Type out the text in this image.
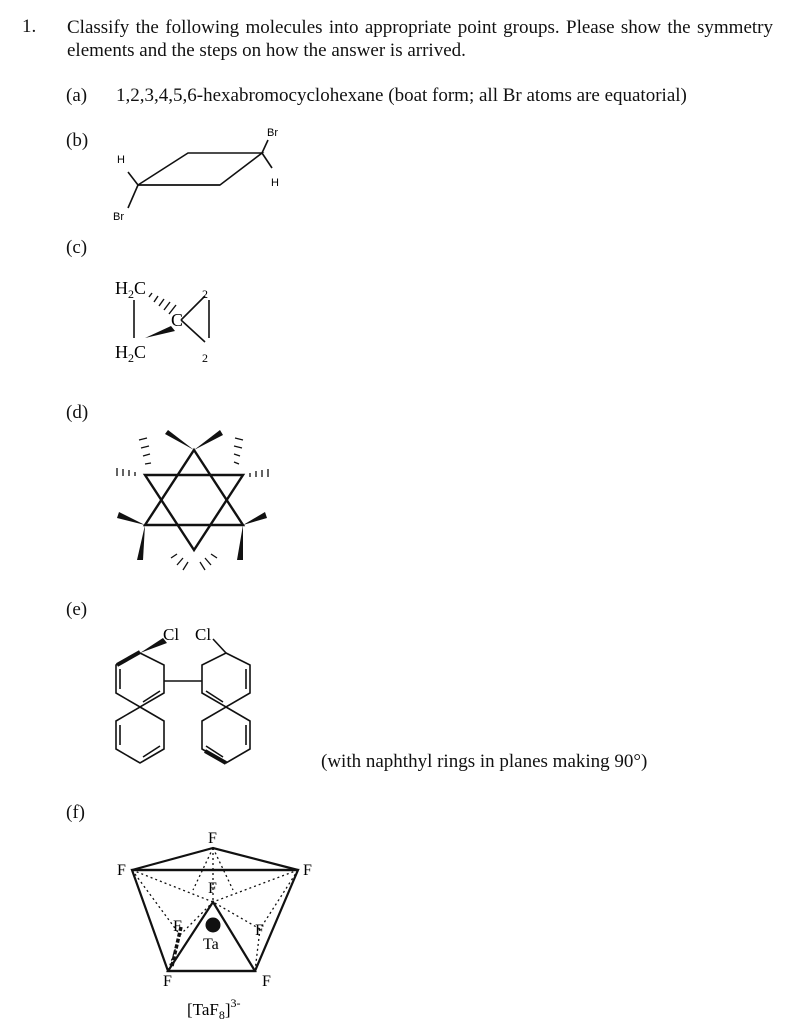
1. Classify the following molecules into appropriate point groups. Please show the symmetry elements and the steps on how the answer is arrived.
(a) 1,2,3,4,5,6-hexabromocyclohexane (boat form; all Br atoms are equatorial)
(b)
(c)
(d)
(e)
(with naphthyl rings in planes making 90°)
(f)
H
Br
Br
H
$H_2C$	$_2$
C
$H_2C$	$_2$
Cl Cl
F
F
F
F
F	F
Ta
F	F
$[TaF_8]^{3-}$
